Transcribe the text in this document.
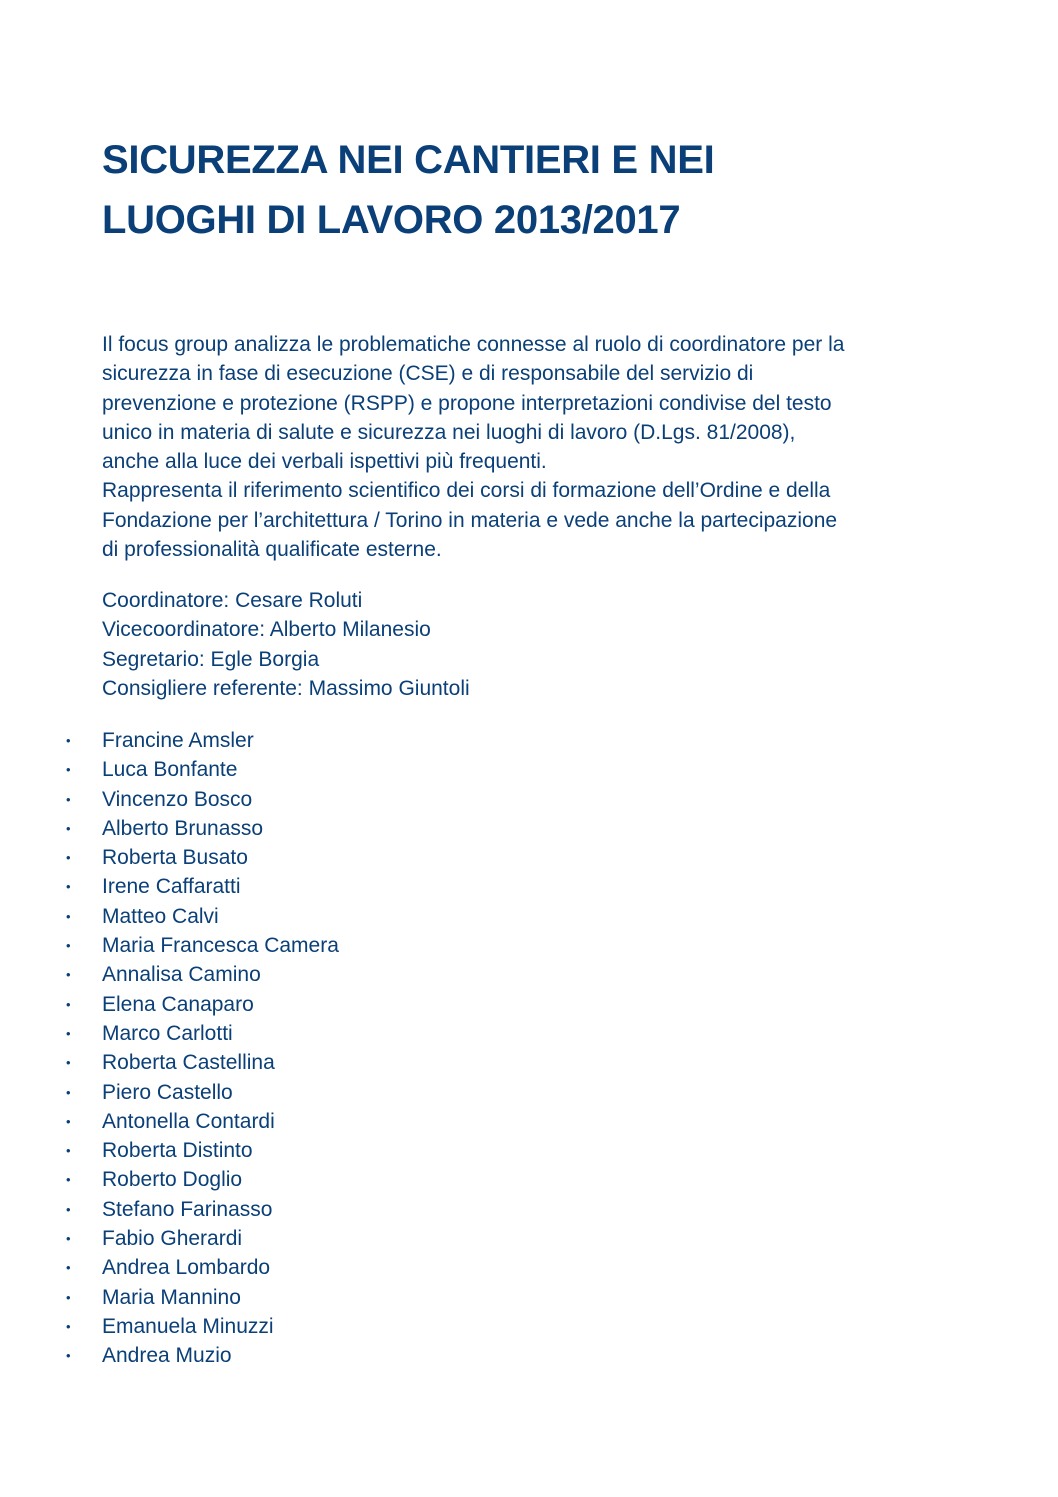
SICUREZZA NEI CANTIERI E NEI
LUOGHI DI LAVORO 2013/2017
Il focus group analizza le problematiche connesse al ruolo di coordinatore per la
sicurezza in fase di esecuzione (CSE) e di responsabile del servizio di
prevenzione e protezione (RSPP) e propone interpretazioni condivise del testo
unico in materia di salute e sicurezza nei luoghi di lavoro (D.Lgs. 81/2008),
anche alla luce dei verbali ispettivi più frequenti.
Rappresenta il riferimento scientifico dei corsi di formazione dell’Ordine e della
Fondazione per l’architettura / Torino in materia e vede anche la partecipazione
di professionalità qualificate esterne.
Coordinatore: Cesare Roluti
Vicecoordinatore: Alberto Milanesio
Segretario: Egle Borgia
Consigliere referente: Massimo Giuntoli
• Francine Amsler
• Luca Bonfante
• Vincenzo Bosco
• Alberto Brunasso
• Roberta Busato
• Irene Caffaratti
• Matteo Calvi
• Maria Francesca Camera
• Annalisa Camino
• Elena Canaparo
• Marco Carlotti
• Roberta Castellina
• Piero Castello
• Antonella Contardi
• Roberta Distinto
• Roberto Doglio
• Stefano Farinasso
• Fabio Gherardi
• Andrea Lombardo
• Maria Mannino
• Emanuela Minuzzi
• Andrea Muzio
